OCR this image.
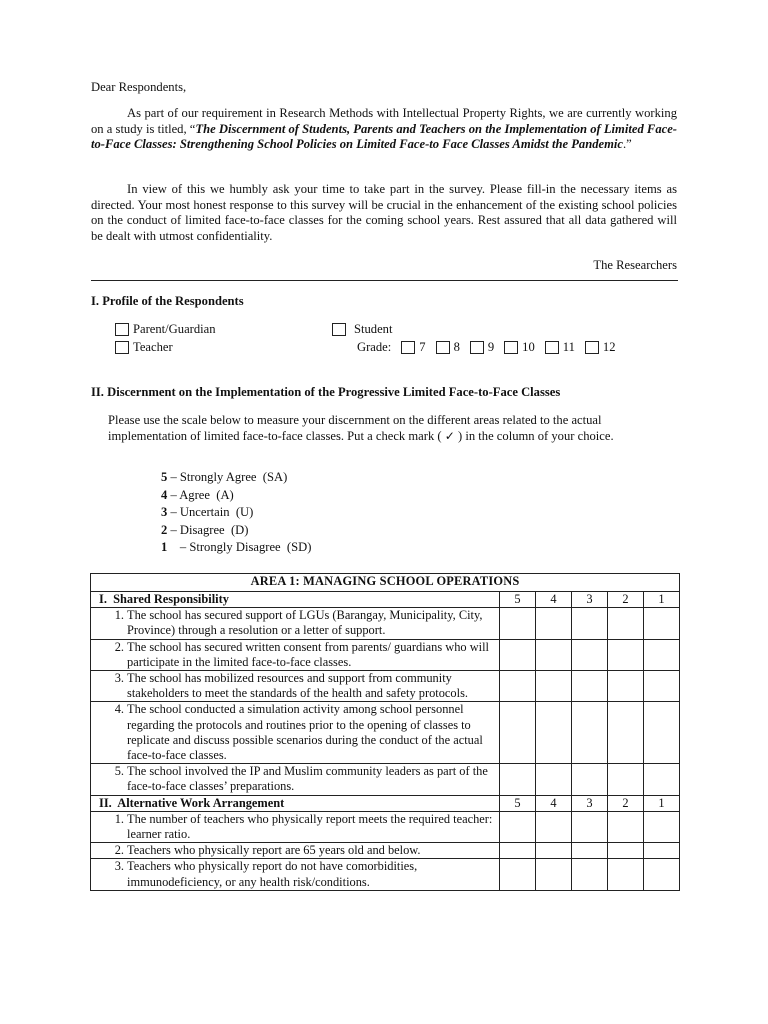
Dear Respondents,

As part of our requirement in Research Methods with Intellectual Property Rights, we are currently working on a study is titled, “The Discernment of Students, Parents and Teachers on the Implementation of Limited Face-to-Face Classes: Strengthening School Policies on Limited Face-to Face Classes Amidst the Pandemic.”

In view of this we humbly ask your time to take part in the survey. Please fill-in the necessary items as directed. Your most honest response to this survey will be crucial in the enhancement of the existing school policies on the conduct of limited face-to-face classes for the coming school years. Rest assured that all data gathered will be dealt with utmost confidentiality.

The Researchers

I. Profile of the Respondents
Parent/Guardian
Teacher
Student
Grade: 7 8 9 10 11 12
II. Discernment on the Implementation of the Progressive Limited Face-to-Face Classes

Please use the scale below to measure your discernment on the different areas related to the actual implementation of limited face-to-face classes. Put a check mark ( ✓ ) in the column of your choice.

5 – Strongly Agree  (SA)
4 – Agree  (A)
3 – Uncertain  (U)
2 – Disagree  (D)
1    – Strongly Disagree  (SD)
AREA 1: MANAGING SCHOOL OPERATIONS					
I.  Shared Responsibility	5	4	3	2	1

1. The school has secured support of LGUs (Barangay, Municipality, City, Province) through a resolution or a letter of support.					

2. The school has secured written consent from parents/ guardians who will participate in the limited face-to-face classes.					

3. The school has mobilized resources and support from community stakeholders to meet the standards of the health and safety protocols.					

4. The school conducted a simulation activity among school personnel regarding the protocols and routines prior to the opening of classes to replicate and discuss possible scenarios during the conduct of the actual face-to-face classes.					

5. The school involved the IP and Muslim community leaders as part of the face-to-face classes’ preparations.					

II.  Alternative Work Arrangement	5	4	3	2	1

1. The number of teachers who physically report meets the required teacher: learner ratio.					

2. Teachers who physically report are 65 years old and below.					

3. Teachers who physically report do not have comorbidities, immunodeficiency, or any health risk/conditions.					
